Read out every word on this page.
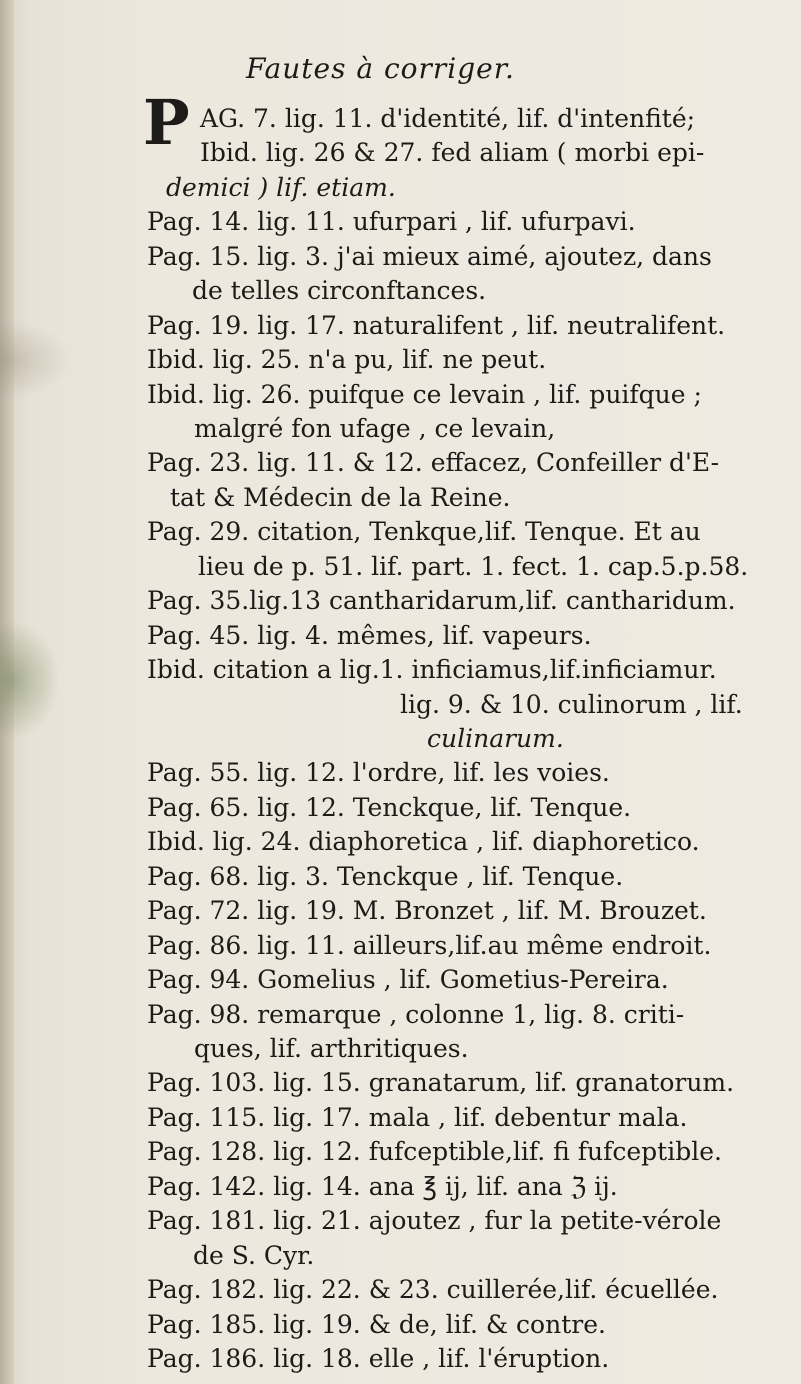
Fautes à corriger.
P AG. 7. lig. 11. d'identité, lif. d'intenfité;
Ibid. lig. 26 & 27. fed aliam ( morbi epi-
demici ) lif. etiam.
Pag. 14. lig. 11. ufurpari , lif. ufurpavi.
Pag. 15. lig. 3. j'ai mieux aimé, ajoutez, dans
de telles circonftances.
Pag. 19. lig. 17. naturalifent , lif. neutralifent.
Ibid. lig. 25. n'a pu, lif. ne peut.
Ibid. lig. 26. puifque ce levain , lif. puifque ;
malgré fon ufage , ce levain,
Pag. 23. lig. 11. & 12. effacez, Confeiller d'E-
tat & Médecin de la Reine.
Pag. 29. citation, Tenkque,lif. Tenque. Et au
lieu de p. 51. lif. part. 1. fect. 1. cap.5.p.58.
Pag. 35.lig.13 cantharidarum,lif. cantharidum.
Pag. 45. lig. 4. mêmes, lif. vapeurs.
Ibid. citation a lig.1. inficiamus,lif.inficiamur.
lig. 9. & 10. culinorum , lif.
culinarum.
Pag. 55. lig. 12. l'ordre, lif. les voies.
Pag. 65. lig. 12. Tenckque, lif. Tenque.
Ibid. lig. 24. diaphoretica , lif. diaphoretico.
Pag. 68. lig. 3. Tenckque , lif. Tenque.
Pag. 72. lig. 19. M. Bronzet , lif. M. Brouzet.
Pag. 86. lig. 11. ailleurs,lif.au même endroit.
Pag. 94. Gomelius , lif. Gometius-Pereira.
Pag. 98. remarque , colonne 1, lig. 8. criti-
ques, lif. arthritiques.
Pag. 103. lig. 15. granatarum, lif. granatorum.
Pag. 115. lig. 17. mala , lif. debentur mala.
Pag. 128. lig. 12. fufceptible,lif. fi fufceptible.
Pag. 142. lig. 14. ana ℥ ij, lif. ana ℨ ij.
Pag. 181. lig. 21. ajoutez , fur la petite-vérole
de S. Cyr.
Pag. 182. lig. 22. & 23. cuillerée,lif. écuellée.
Pag. 185. lig. 19. & de, lif. & contre.
Pag. 186. lig. 18. elle , lif. l'éruption.
